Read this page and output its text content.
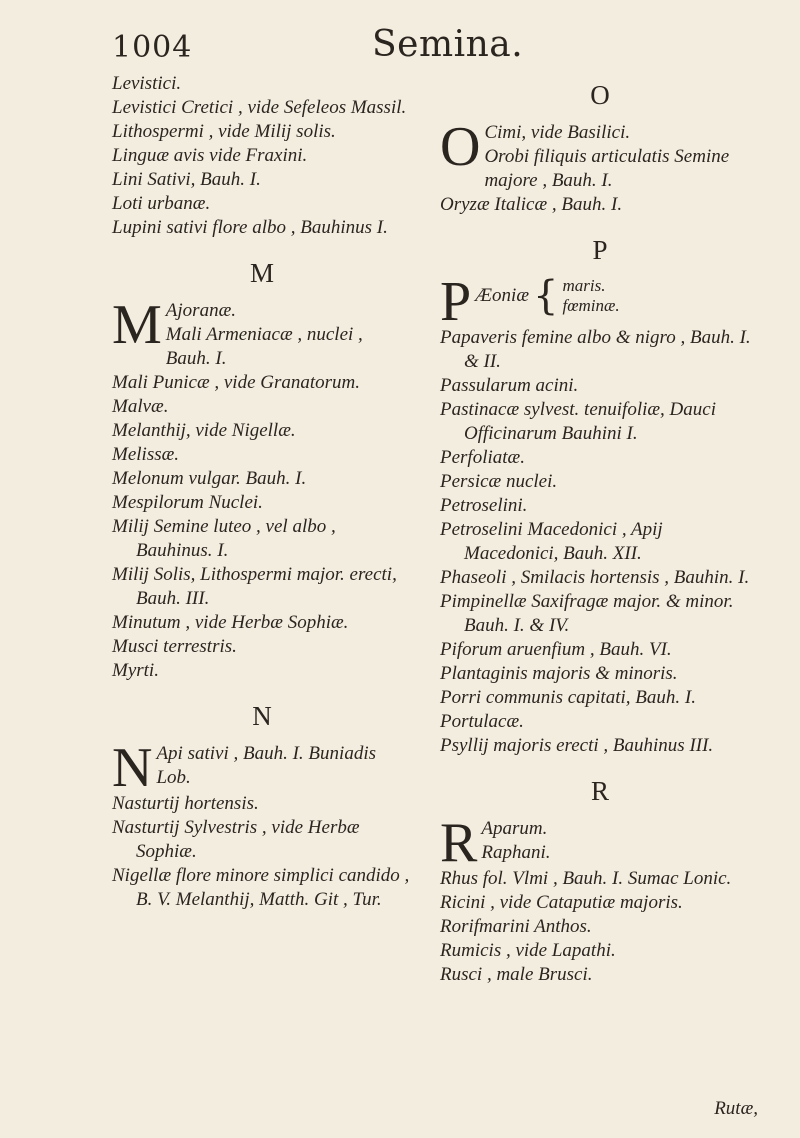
1004	Semina.
Levistici.
Levistici Cretici , vide Sefeleos Massil.
Lithospermi , vide Milij solis.
Linguæ avis vide Fraxini.
Lini Sativi, Bauh. I.
Loti urbanæ.
Lupini sativi flore albo , Bauhinus I.
M
M Ajoranæ.
Mali Armeniacæ , nuclei , Bauh. I.
Mali Punicæ , vide Granatorum.
Malvæ.
Melanthij, vide Nigellæ.
Melissæ.
Melonum vulgar. Bauh. I.
Mespilorum Nuclei.
Milij Semine luteo , vel albo , Bauhinus. I.
Milij Solis, Lithospermi major. erecti, Bauh. III.
Minutum , vide Herbæ Sophiæ.
Musci terrestris.
Myrti.
N
N Api sativi , Bauh. I. Buniadis Lob.
Nasturtij hortensis.
Nasturtij Sylvestris , vide Herbæ Sophiæ.
Nigellæ flore minore simplici candido , B. V. Melanthij, Matth. Git , Tur.
O
O Cimi, vide Basilici.
Orobi filiquis articulatis Semine majore , Bauh. I.
Oryzæ Italicæ , Bauh. I.
P
P Æoniæ { maris.
fœminæ.
Papaveris femine albo & nigro , Bauh. I. & II.
Passularum acini.
Pastinacæ sylvest. tenuifoliæ, Dauci Officinarum Bauhini I.
Perfoliatæ.
Persicæ nuclei.
Petroselini.
Petroselini Macedonici , Apij Macedonici, Bauh. XII.
Phaseoli , Smilacis hortensis , Bauhin. I.
Pimpinellæ Saxifragæ major. & minor. Bauh. I. & IV.
Piforum aruenfium , Bauh. VI.
Plantaginis majoris & minoris.
Porri communis capitati, Bauh. I.
Portulacæ.
Psyllij majoris erecti , Bauhinus III.
R
R Aparum.
Raphani.
Rhus fol. Vlmi , Bauh. I. Sumac Lonic.
Ricini , vide Cataputiæ majoris.
Rorifmarini Anthos.
Rumicis , vide Lapathi.
Rusci , male Brusci.
Rutæ,
